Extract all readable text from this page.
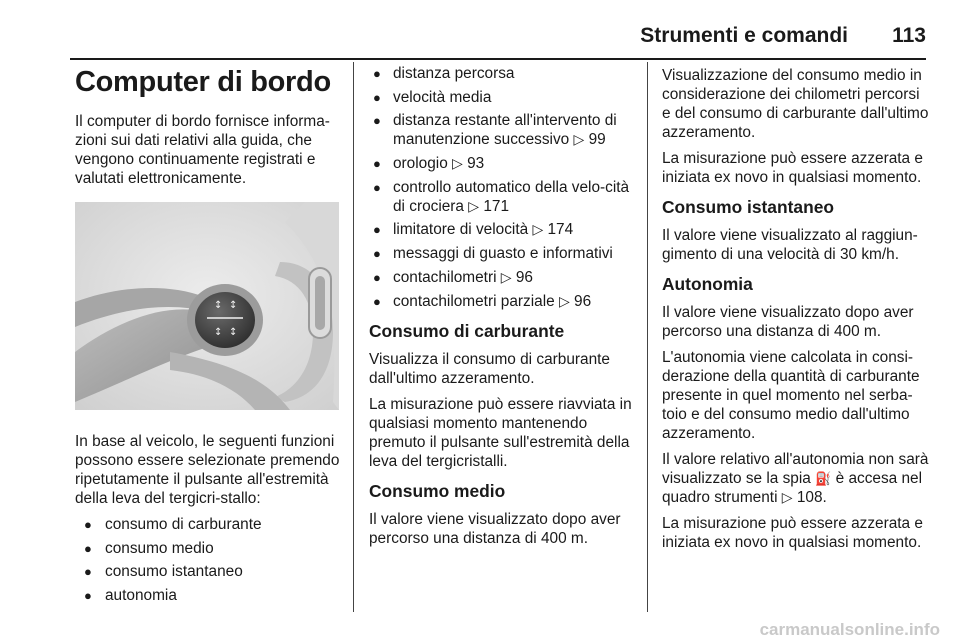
Strumenti e comandi	113
Computer di bordo

Il computer di bordo fornisce informa-zioni sui dati relativi alla guida, che vengono continuamente registrati e valutati elettronicamente.

↕ ↕
↕ ↕

In base al veicolo, le seguenti funzioni possono essere selezionate premendo ripetutamente il pulsante all'estremità della leva del tergicri-stallo:

● consumo di carburante
● consumo medio
● consumo istantaneo
● autonomia
● distanza percorsa
● velocità media
● distanza restante all'intervento di manutenzione successivo ▷ 99
● orologio ▷ 93
● controllo automatico della velo-cità di crociera ▷ 171
● limitatore di velocità ▷ 174
● messaggi di guasto e informativi
● contachilometri ▷ 96
● contachilometri parziale ▷ 96
Consumo di carburante

Visualizza il consumo di carburante dall'ultimo azzeramento.

La misurazione può essere riavviata in qualsiasi momento mantenendo premuto il pulsante sull'estremità della leva del tergicristalli.

Consumo medio

Il valore viene visualizzato dopo aver percorso una distanza di 400 m.

Visualizzazione del consumo medio in considerazione dei chilometri percorsi e del consumo di carburante dall'ultimo azzeramento.

La misurazione può essere azzerata e iniziata ex novo in qualsiasi momento.

Consumo istantaneo

Il valore viene visualizzato al raggiun-gimento di una velocità di 30 km/h.

Autonomia

Il valore viene visualizzato dopo aver percorso una distanza di 400 m.

L'autonomia viene calcolata in consi-derazione della quantità di carburante presente in quel momento nel serba-toio e del consumo medio dall'ultimo azzeramento.

Il valore relativo all'autonomia non sarà visualizzato se la spia ⛽ è accesa nel quadro strumenti ▷ 108.

La misurazione può essere azzerata e iniziata ex novo in qualsiasi momento.

carmanualsonline.info
